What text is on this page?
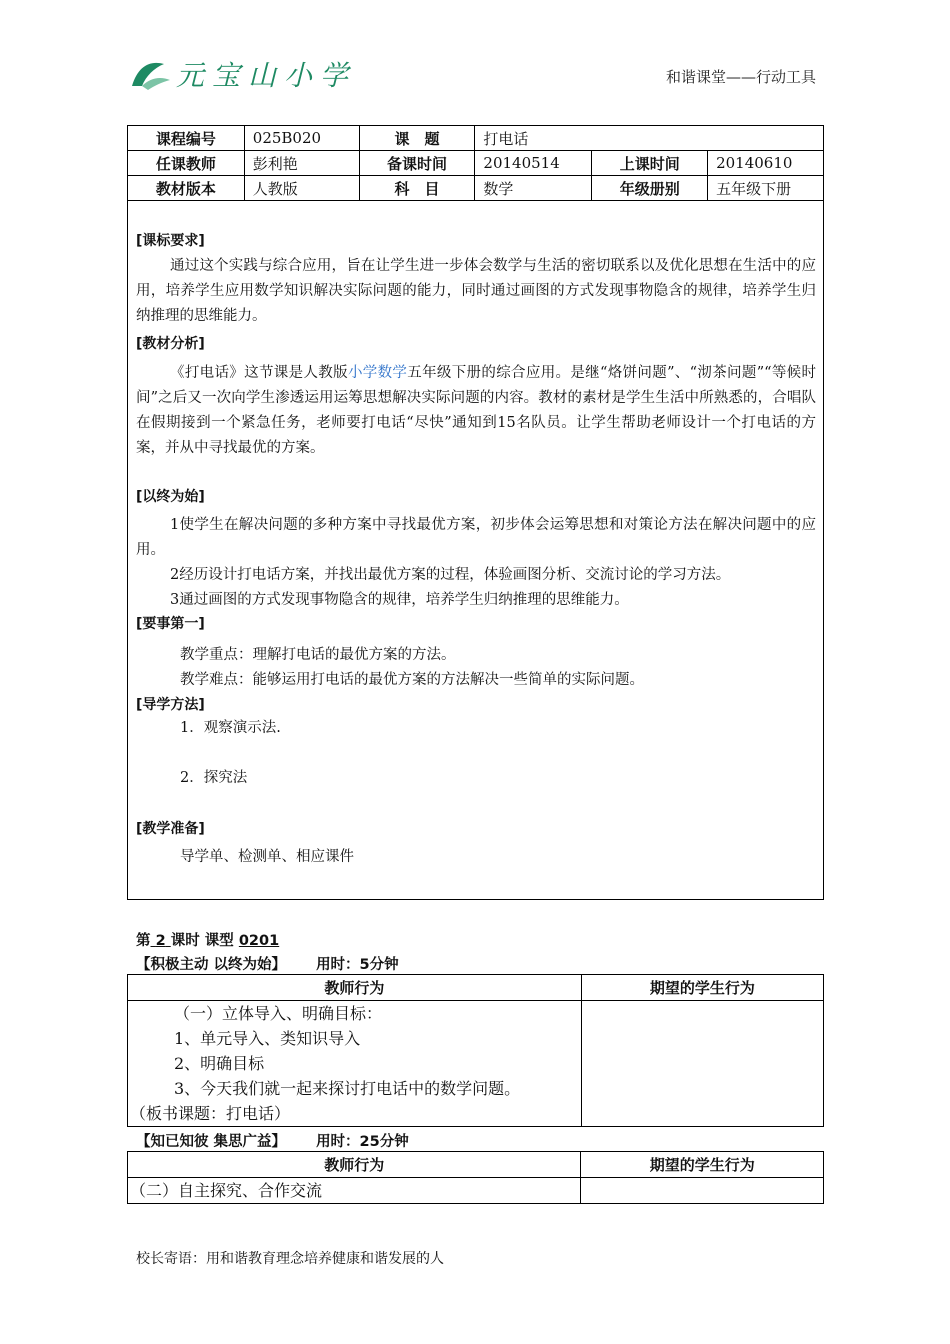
元宝山小学	和谐课堂——行动工具
课程编号	025B020	课　题	打电话		
任课教师	彭利艳	备课时间	20140514	上课时间	20140610
教材版本	人教版	科　目	数学	年级册别	五年级下册
[课标要求]
通过这个实践与综合应用，旨在让学生进一步体会数学与生活的密切联系以及优化思想在生活中的应用，培养学生应用数学知识解决实际问题的能力，同时通过画图的方式发现事物隐含的规律，培养学生归纳推理的思维能力。
[教材分析]
《打电话》这节课是人教版小学数学五年级下册的综合应用。是继“烙饼问题”、“沏茶问题”“等候时间”之后又一次向学生渗透运用运筹思想解决实际问题的内容。教材的素材是学生生活中所熟悉的，合唱队在假期接到一个紧急任务，老师要打电话“尽快”通知到15名队员。让学生帮助老师设计一个打电话的方案，并从中寻找最优的方案。
[以终为始]
1使学生在解决问题的多种方案中寻找最优方案，初步体会运筹思想和对策论方法在解决问题中的应用。
2经历设计打电话方案，并找出最优方案的过程，体验画图分析、交流讨论的学习方法。
3通过画图的方式发现事物隐含的规律，培养学生归纳推理的思维能力。
[要事第一]
教学重点：理解打电话的最优方案的方法。
教学难点：能够运用打电话的最优方案的方法解决一些简单的实际问题。
[导学方法]
1．观察演示法.
2．探究法
[教学准备]
导学单、检测单、相应课件
第 2 课时 课型 0201
【积极主动 以终为始】 用时：5分钟
教师行为	期望的学生行为

（一）立体导入、明确目标：
1、单元导入、类知识导入
2、明确目标
3、今天我们就一起来探讨打电话中的数学问题。
（板书课题：打电话）	

【知已知彼 集思广益】 用时：25分钟
教师行为	期望的学生行为

（二）自主探究、合作交流	

校长寄语：用和谐教育理念培养健康和谐发展的人
